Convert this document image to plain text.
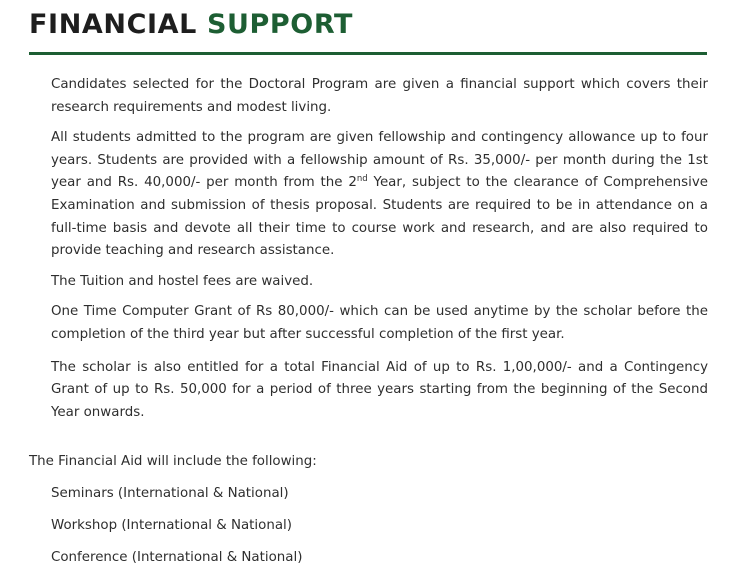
FINANCIAL SUPPORT

Candidates selected for the Doctoral Program are given a financial support which covers their research requirements and modest living.

All students admitted to the program are given fellowship and contingency allowance up to four years. Students are provided with a fellowship amount of Rs. 35,000/- per month during the 1st year and Rs. 40,000/- per month from the 2nd Year, subject to the clearance of Comprehensive Examination and submission of thesis proposal. Students are required to be in attendance on a full-time basis and devote all their time to course work and research, and are also required to provide teaching and research assistance.

The Tuition and hostel fees are waived.

One Time Computer Grant of Rs 80,000/- which can be used anytime by the scholar before the completion of the third year but after successful completion of the first year.

The scholar is also entitled for a total Financial Aid of up to Rs. 1,00,000/- and a Contingency Grant of up to Rs. 50,000 for a period of three years starting from the beginning of the Second Year onwards.

The Financial Aid will include the following:

Seminars (International & National)
Workshop (International & National)
Conference (International & National)
